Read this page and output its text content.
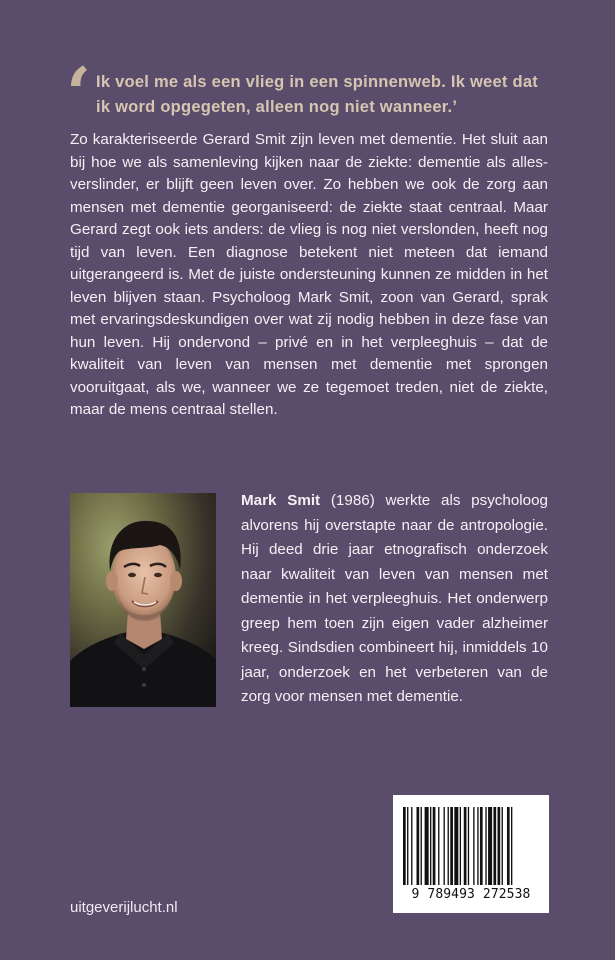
‘ Ik voel me als een vlieg in een spinnenweb. Ik weet dat ik word opgegeten, alleen nog niet wanneer.’
Zo karakteriseerde Gerard Smit zijn leven met dementie. Het sluit aan bij hoe we als samenleving kijken naar de ziekte: dementie als alles-verslinder, er blijft geen leven over. Zo hebben we ook de zorg aan mensen met dementie georganiseerd: de ziekte staat centraal. Maar Gerard zegt ook iets anders: de vlieg is nog niet verslonden, heeft nog tijd van leven. Een diagnose betekent niet meteen dat iemand uitgerangeerd is. Met de juiste ondersteuning kunnen ze midden in het leven blijven staan. Psycholoog Mark Smit, zoon van Gerard, sprak met ervaringsdeskundigen over wat zij nodig hebben in deze fase van hun leven. Hij ondervond – privé en in het verpleeghuis – dat de kwaliteit van leven van mensen met dementie met sprongen vooruitgaat, als we, wanneer we ze tegemoet treden, niet de ziekte, maar de mens centraal stellen.
Mark Smit (1986) werkte als psycholoog alvorens hij overstapte naar de antropologie. Hij deed drie jaar etnografisch onderzoek naar kwaliteit van leven van mensen met dementie in het verpleeghuis. Het onderwerp greep hem toen zijn eigen vader alzheimer kreeg. Sindsdien combineert hij, inmiddels 10 jaar, onderzoek en het verbeteren van de zorg voor mensen met dementie.
9 789493 272538
uitgeverijlucht.nl
